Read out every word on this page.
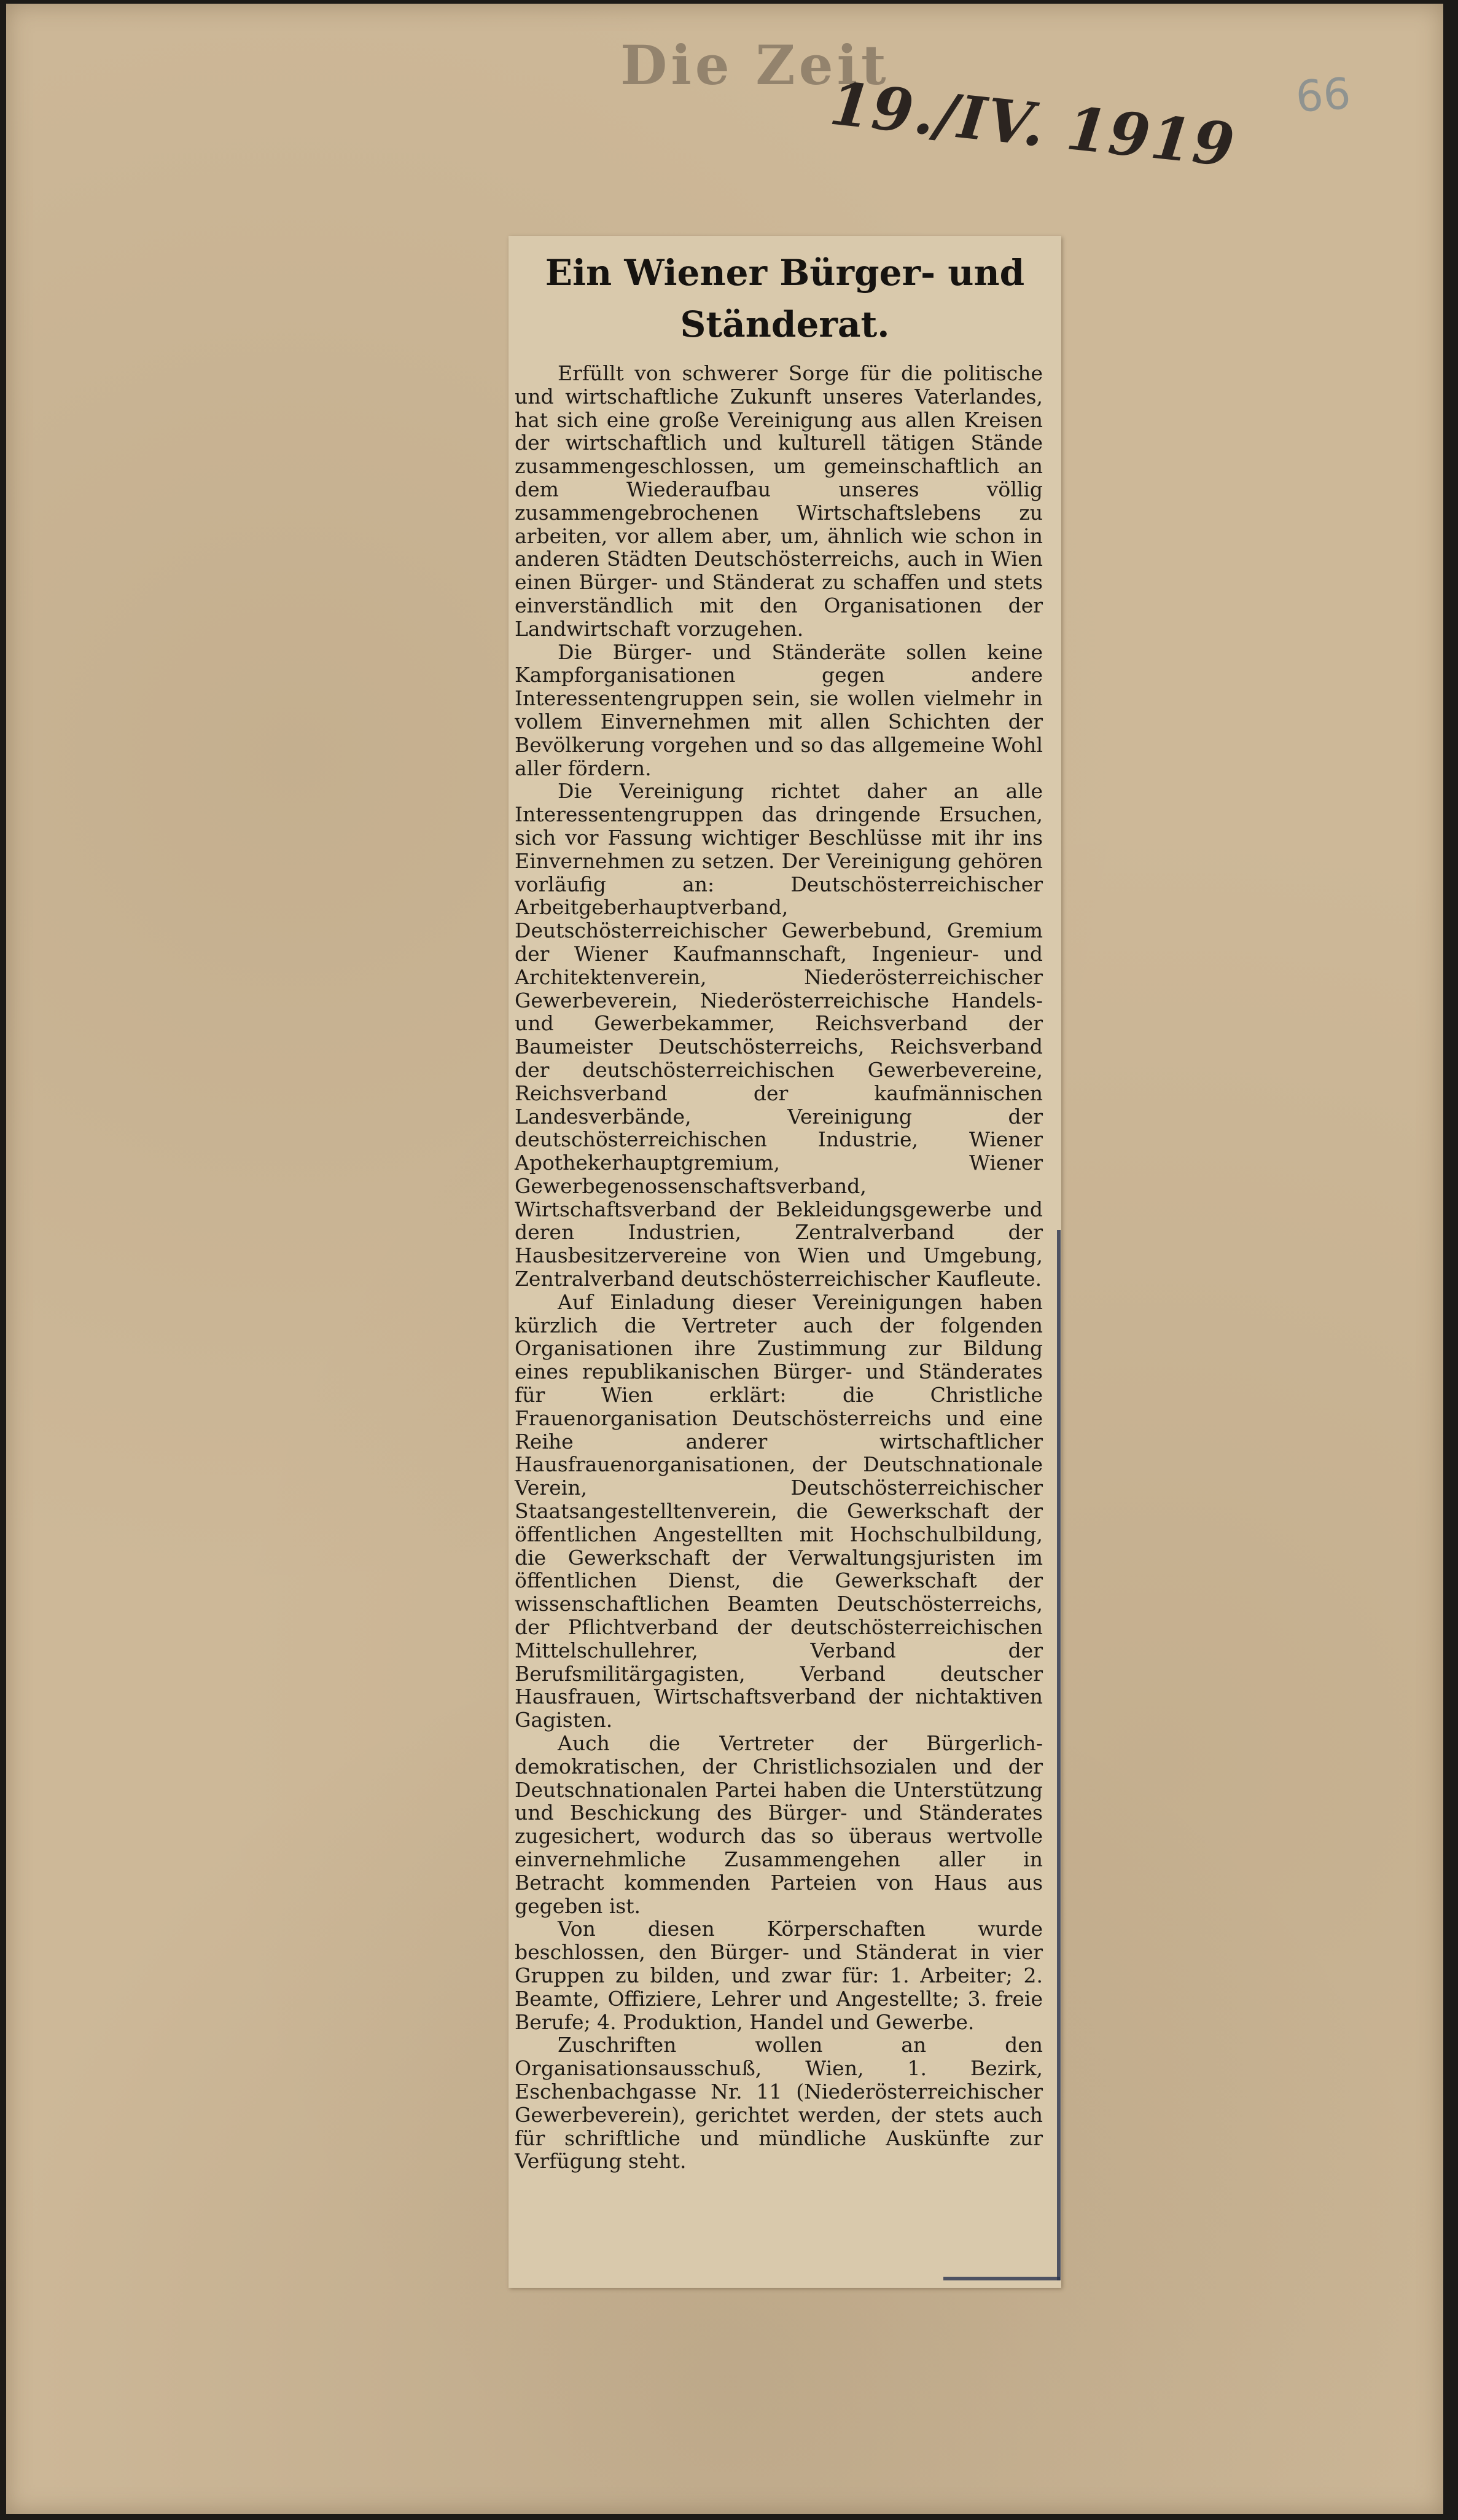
Die Zeit
19./IV. 1919 66
Ein Wiener Bürger- und Ständerat.

Erfüllt von schwerer Sorge für die politische und wirtschaftliche Zukunft unseres Vaterlandes, hat sich eine große Vereinigung aus allen Kreisen der wirtschaftlich und kulturell tätigen Stände zusammengeschlossen, um gemeinschaftlich an dem Wiederaufbau unseres völlig zusammengebrochenen Wirtschaftslebens zu arbeiten, vor allem aber, um, ähnlich wie schon in anderen Städten Deutschösterreichs, auch in Wien einen Bürger- und Ständerat zu schaffen und stets einverständlich mit den Organisationen der Landwirtschaft vorzugehen.

Die Bürger- und Ständeräte sollen keine Kampforganisationen gegen andere Interessentengruppen sein, sie wollen vielmehr in vollem Einvernehmen mit allen Schichten der Bevölkerung vorgehen und so das allgemeine Wohl aller fördern.

Die Vereinigung richtet daher an alle Interessentengruppen das dringende Ersuchen, sich vor Fassung wichtiger Beschlüsse mit ihr ins Einvernehmen zu setzen. Der Vereinigung gehören vorläufig an: Deutschösterreichischer Arbeitgeberhauptverband, Deutschösterreichischer Gewerbebund, Gremium der Wiener Kaufmannschaft, Ingenieur- und Architektenverein, Niederösterreichischer Gewerbeverein, Niederösterreichische Handels- und Gewerbekammer, Reichsverband der Baumeister Deutschösterreichs, Reichsverband der deutschösterreichischen Gewerbevereine, Reichsverband der kaufmännischen Landesverbände, Vereinigung der deutschösterreichischen Industrie, Wiener Apothekerhauptgremium, Wiener Gewerbegenossenschaftsverband, Wirtschaftsverband der Bekleidungsgewerbe und deren Industrien, Zentralverband der Hausbesitzervereine von Wien und Umgebung, Zentralverband deutschösterreichischer Kaufleute.

Auf Einladung dieser Vereinigungen haben kürzlich die Vertreter auch der folgenden Organisationen ihre Zustimmung zur Bildung eines republikanischen Bürger- und Ständerates für Wien erklärt: die Christliche Frauenorganisation Deutschösterreichs und eine Reihe anderer wirtschaftlicher Hausfrauenorganisationen, der Deutschnationale Verein, Deutschösterreichischer Staatsangestelltenverein, die Gewerkschaft der öffentlichen Angestellten mit Hochschulbildung, die Gewerkschaft der Verwaltungsjuristen im öffentlichen Dienst, die Gewerkschaft der wissenschaftlichen Beamten Deutschösterreichs, der Pflichtverband der deutschösterreichischen Mittelschullehrer, Verband der Berufsmilitärgagisten, Verband deutscher Hausfrauen, Wirtschaftsverband der nichtaktiven Gagisten.

Auch die Vertreter der Bürgerlich-demokratischen, der Christlichsozialen und der Deutschnationalen Partei haben die Unterstützung und Beschickung des Bürger- und Ständerates zugesichert, wodurch das so überaus wertvolle einvernehmliche Zusammengehen aller in Betracht kommenden Parteien von Haus aus gegeben ist.

Von diesen Körperschaften wurde beschlossen, den Bürger- und Ständerat in vier Gruppen zu bilden, und zwar für: 1. Arbeiter; 2. Beamte, Offiziere, Lehrer und Angestellte; 3. freie Berufe; 4. Produktion, Handel und Gewerbe.

Zuschriften wollen an den Organisationsausschuß, Wien, 1. Bezirk, Eschenbachgasse Nr. 11 (Niederösterreichischer Gewerbeverein), gerichtet werden, der stets auch für schriftliche und mündliche Auskünfte zur Verfügung steht.
